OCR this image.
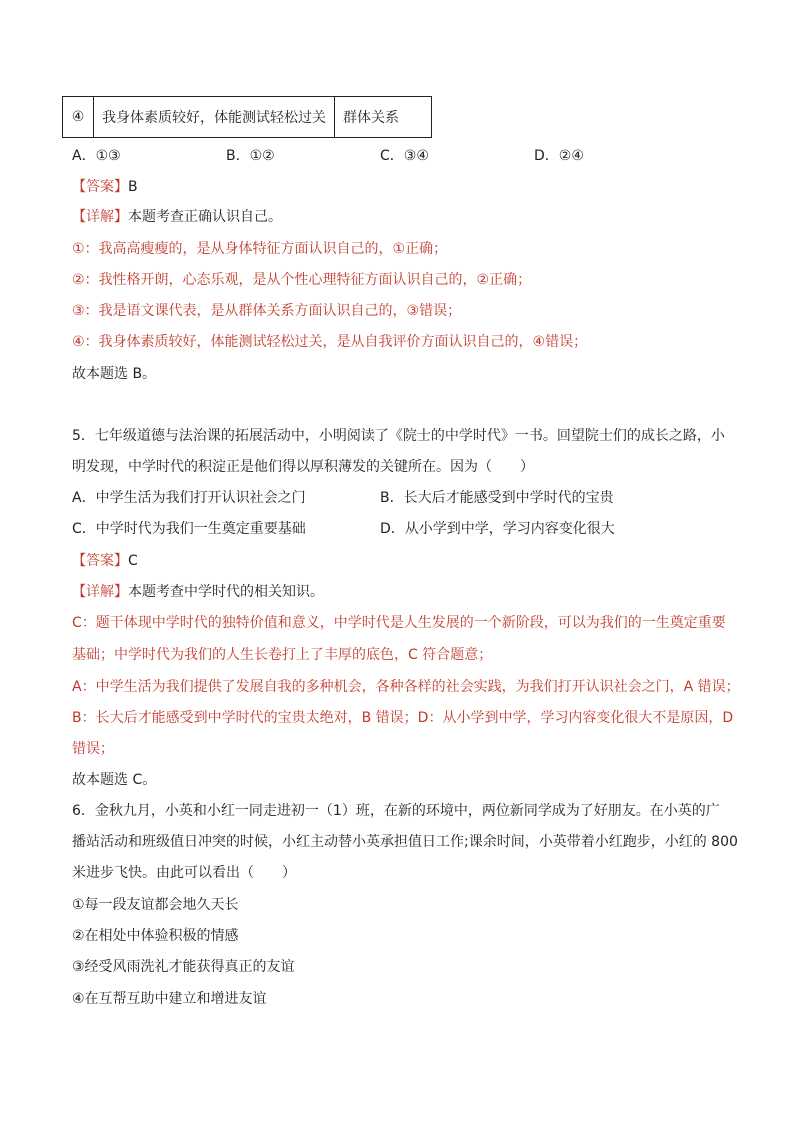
④	我身体素质较好，体能测试轻松过关	群体关系
A．①③	B．①②	C．③④	D．②④
【答案】B
【详解】本题考查正确认识自己。
①：我高高瘦瘦的，是从身体特征方面认识自己的，①正确；
②：我性格开朗，心态乐观，是从个性心理特征方面认识自己的，②正确；
③：我是语文课代表，是从群体关系方面认识自己的，③错误；
④：我身体素质较好，体能测试轻松过关，是从自我评价方面认识自己的，④错误；
故本题选 B。
5．七年级道德与法治课的拓展活动中，小明阅读了《院士的中学时代》一书。回望院士们的成长之路，小
明发现，中学时代的积淀正是他们得以厚积薄发的关键所在。因为（　　）
A．中学生活为我们打开认识社会之门	B．长大后才能感受到中学时代的宝贵
C．中学时代为我们一生奠定重要基础	D．从小学到中学，学习内容变化很大
【答案】C
【详解】本题考查中学时代的相关知识。
C：题干体现中学时代的独特价值和意义，中学时代是人生发展的一个新阶段，可以为我们的一生奠定重要
基础；中学时代为我们的人生长卷打上了丰厚的底色，C 符合题意；
A：中学生活为我们提供了发展自我的多种机会，各种各样的社会实践，为我们打开认识社会之门，A 错误；
B：长大后才能感受到中学时代的宝贵太绝对，B 错误；D：从小学到中学，学习内容变化很大不是原因，D
错误；
故本题选 C。
6．金秋九月，小英和小红一同走进初一（1）班，在新的环境中，两位新同学成为了好朋友。在小英的广
播站活动和班级值日冲突的时候，小红主动替小英承担值日工作;课余时间，小英带着小红跑步，小红的 800
米进步飞快。由此可以看出（　　）
①每一段友谊都会地久天长
②在相处中体验积极的情感
③经受风雨洗礼才能获得真正的友谊
④在互帮互助中建立和增进友谊
